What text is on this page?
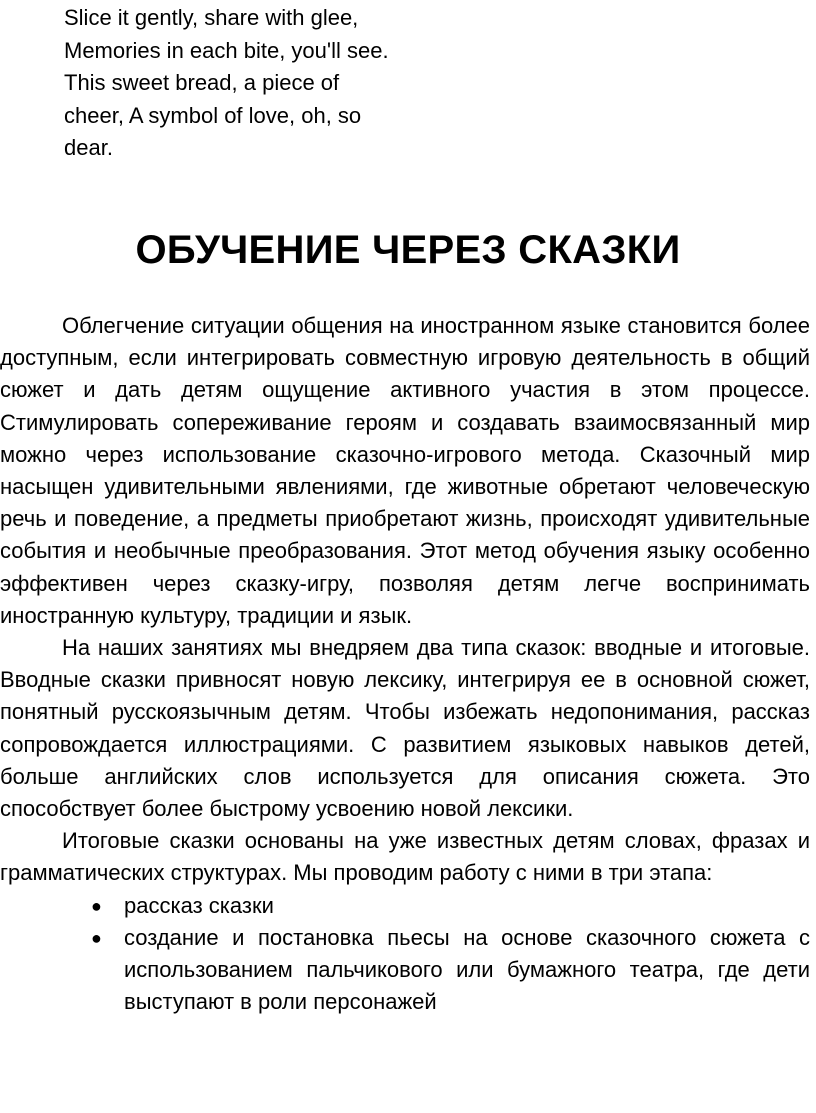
Slice it gently, share with glee,
Memories in each bite, you'll see.
This sweet bread, a piece of
cheer, A symbol of love, oh, so
dear.
ОБУЧЕНИЕ ЧЕРЕЗ СКАЗКИ

Облегчение ситуации общения на иностранном языке становится более доступным, если интегрировать совместную игровую деятельность в общий сюжет и дать детям ощущение активного участия в этом процессе. Стимулировать сопереживание героям и создавать взаимосвязанный мир можно через использование сказочно-игрового метода. Сказочный мир насыщен удивительными явлениями, где животные обретают человеческую речь и поведение, а предметы приобретают жизнь, происходят удивительные события и необычные преобразования. Этот метод обучения языку особенно эффективен через сказку-игру, позволяя детям легче воспринимать иностранную культуру, традиции и язык.

На наших занятиях мы внедряем два типа сказок: вводные и итоговые. Вводные сказки привносят новую лексику, интегрируя ее в основной сюжет, понятный русскоязычным детям. Чтобы избежать недопонимания, рассказ сопровождается иллюстрациями. С развитием языковых навыков детей, больше английских слов используется для описания сюжета. Это способствует более быстрому усвоению новой лексики.

Итоговые сказки основаны на уже известных детям словах, фразах и грамматических структурах. Мы проводим работу с ними в три этапа:

● рассказ сказки
● создание и постановка пьесы на основе сказочного сюжета с использованием пальчикового или бумажного театра, где дети выступают в роли персонажей
